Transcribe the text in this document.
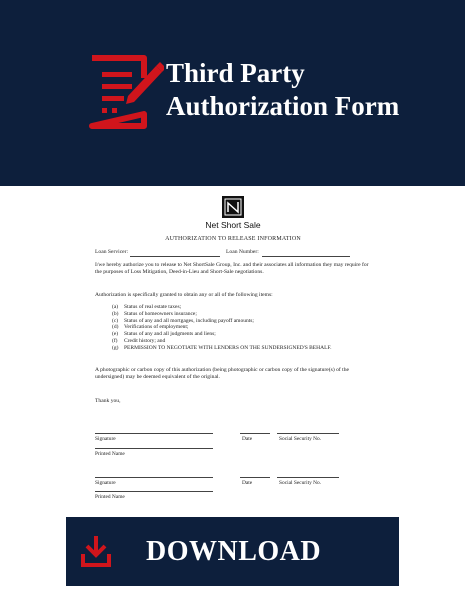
Third Party
Authorization Form
Net Short Sale
AUTHORIZATION TO RELEASE INFORMATION
Loan Servicer:	Loan Number:
I/we hereby authorize you to release to Net ShortSale Group, Inc. and their associates all information they may require for the purposes of Loss Mitigation, Deed-in-Lieu and Short-Sale negotiations.
Authorization is specifically granted to obtain any or all of the following items:
(a)	Status of real estate taxes;
(b)	Status of homeowners insurance;
(c)	Status of any and all mortgages, including payoff amounts;
(d)	Verifications of employment;
(e)	Status of any and all judgments and liens;
(f)	Credit history; and
(g)	PERMISSION TO NEGOTIATE WITH LENDERS ON THE SUNDERSIGNED'S BEHALF.
A photographic or carbon copy of this authorization (being photographic or carbon copy of the signature(s) of the undersigned) may be deemed equivalent of the original.
Thank you,
Signature	Date	Social Security No.
Printed Name
Signature	Date	Social Security No.
Printed Name
DOWNLOAD
